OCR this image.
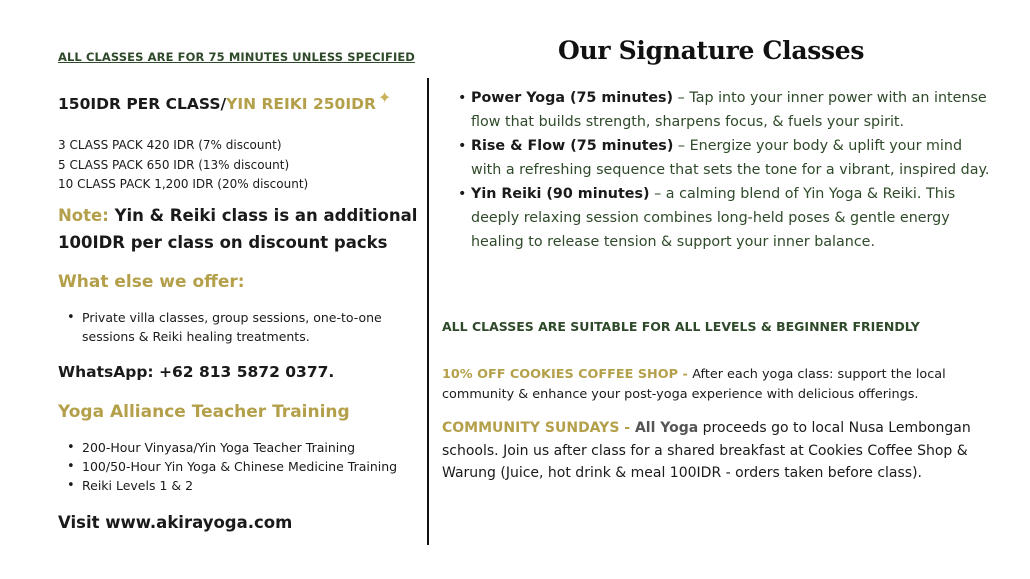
ALL CLASSES ARE FOR 75 MINUTES UNLESS SPECIFIED
150IDR PER CLASS/YIN REIKI 250IDR ✦
3 CLASS PACK 420 IDR (7% discount)
5 CLASS PACK 650 IDR (13% discount)
10 CLASS PACK 1,200 IDR (20% discount)
Note: Yin & Reiki class is an additional 100IDR per class on discount packs
What else we offer:
• Private villa classes, group sessions, one-to-one sessions & Reiki healing treatments.
WhatsApp: +62 813 5872 0377.
Yoga Alliance Teacher Training
• 200-Hour Vinyasa/Yin Yoga Teacher Training
• 100/50-Hour Yin Yoga & Chinese Medicine Training
• Reiki Levels 1 & 2
Visit www.akirayoga.com
Our Signature Classes
• Power Yoga (75 minutes) – Tap into your inner power with an intense flow that builds strength, sharpens focus, & fuels your spirit.
• Rise & Flow (75 minutes) – Energize your body & uplift your mind with a refreshing sequence that sets the tone for a vibrant, inspired day.
• Yin Reiki (90 minutes) – a calming blend of Yin Yoga & Reiki. This deeply relaxing session combines long-held poses & gentle energy healing to release tension & support your inner balance.
ALL CLASSES ARE SUITABLE FOR ALL LEVELS & BEGINNER FRIENDLY
10% OFF COOKIES COFFEE SHOP - After each yoga class: support the local community & enhance your post-yoga experience with delicious offerings.
COMMUNITY SUNDAYS - All Yoga proceeds go to local Nusa Lembongan schools. Join us after class for a shared breakfast at Cookies Coffee Shop & Warung (Juice, hot drink & meal 100IDR - orders taken before class).
